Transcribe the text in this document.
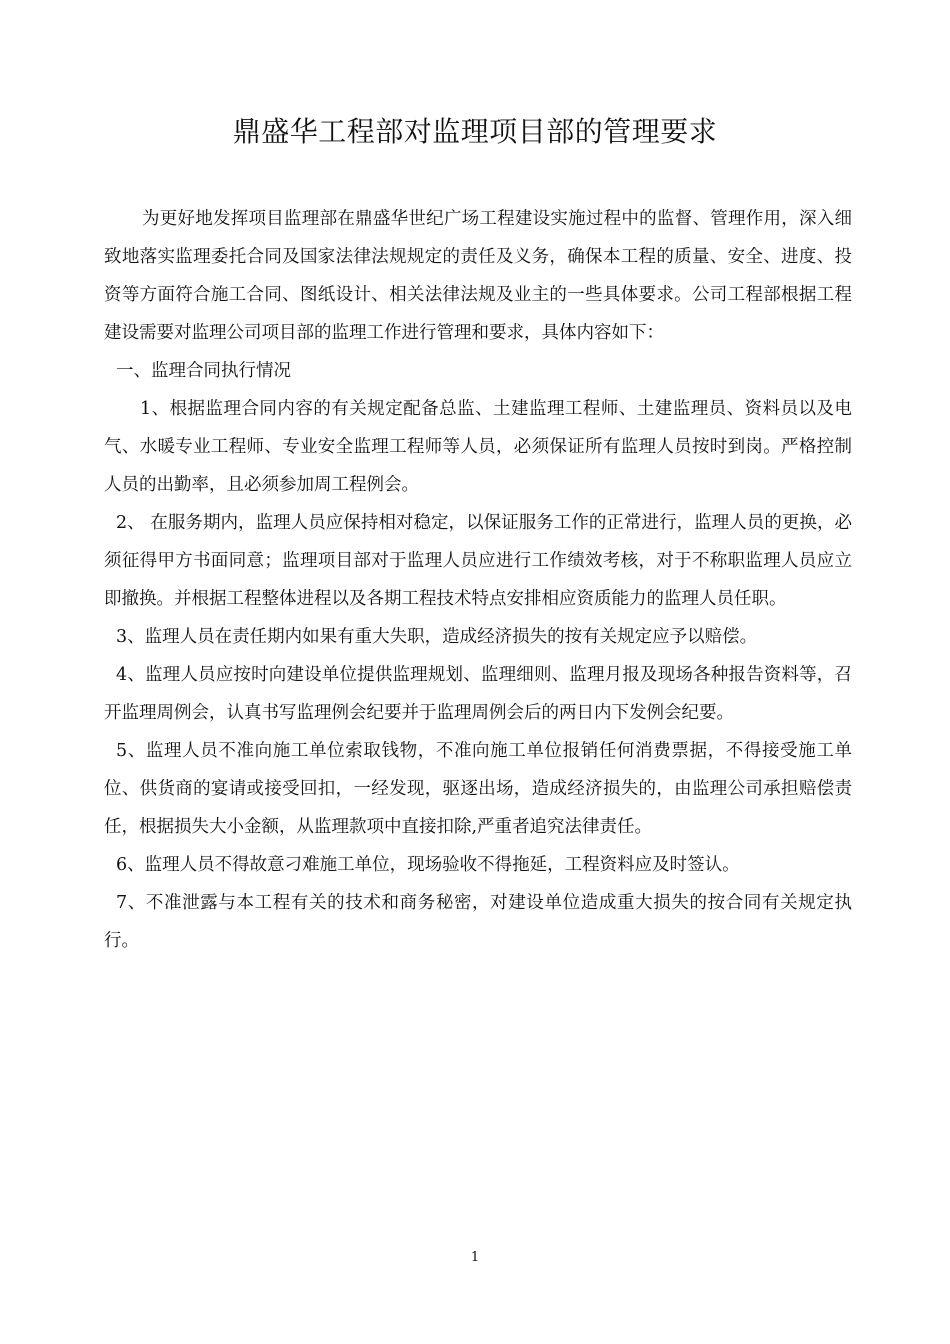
鼎盛华工程部对监理项目部的管理要求

为更好地发挥项目监理部在鼎盛华世纪广场工程建设实施过程中的监督、管理作用，深入细致地落实监理委托合同及国家法律法规规定的责任及义务，确保本工程的质量、安全、进度、投资等方面符合施工合同、图纸设计、相关法律法规及业主的一些具体要求。公司工程部根据工程建设需要对监理公司项目部的监理工作进行管理和要求，具体内容如下：

一、监理合同执行情况

1、根据监理合同内容的有关规定配备总监、土建监理工程师、土建监理员、资料员以及电气、水暖专业工程师、专业安全监理工程师等人员，必须保证所有监理人员按时到岗。严格控制人员的出勤率，且必须参加周工程例会。

2、 在服务期内，监理人员应保持相对稳定，以保证服务工作的正常进行，监理人员的更换，必须征得甲方书面同意；监理项目部对于监理人员应进行工作绩效考核，对于不称职监理人员应立即撤换。并根据工程整体进程以及各期工程技术特点安排相应资质能力的监理人员任职。

3、监理人员在责任期内如果有重大失职，造成经济损失的按有关规定应予以赔偿。

4、监理人员应按时向建设单位提供监理规划、监理细则、监理月报及现场各种报告资料等，召开监理周例会，认真书写监理例会纪要并于监理周例会后的两日内下发例会纪要。

5、监理人员不准向施工单位索取钱物，不准向施工单位报销任何消费票据，不得接受施工单位、供货商的宴请或接受回扣，一经发现，驱逐出场，造成经济损失的，由监理公司承担赔偿责任，根据损失大小金额，从监理款项中直接扣除,严重者追究法律责任。

6、监理人员不得故意刁难施工单位，现场验收不得拖延，工程资料应及时签认。

7、不准泄露与本工程有关的技术和商务秘密，对建设单位造成重大损失的按合同有关规定执行。

1
